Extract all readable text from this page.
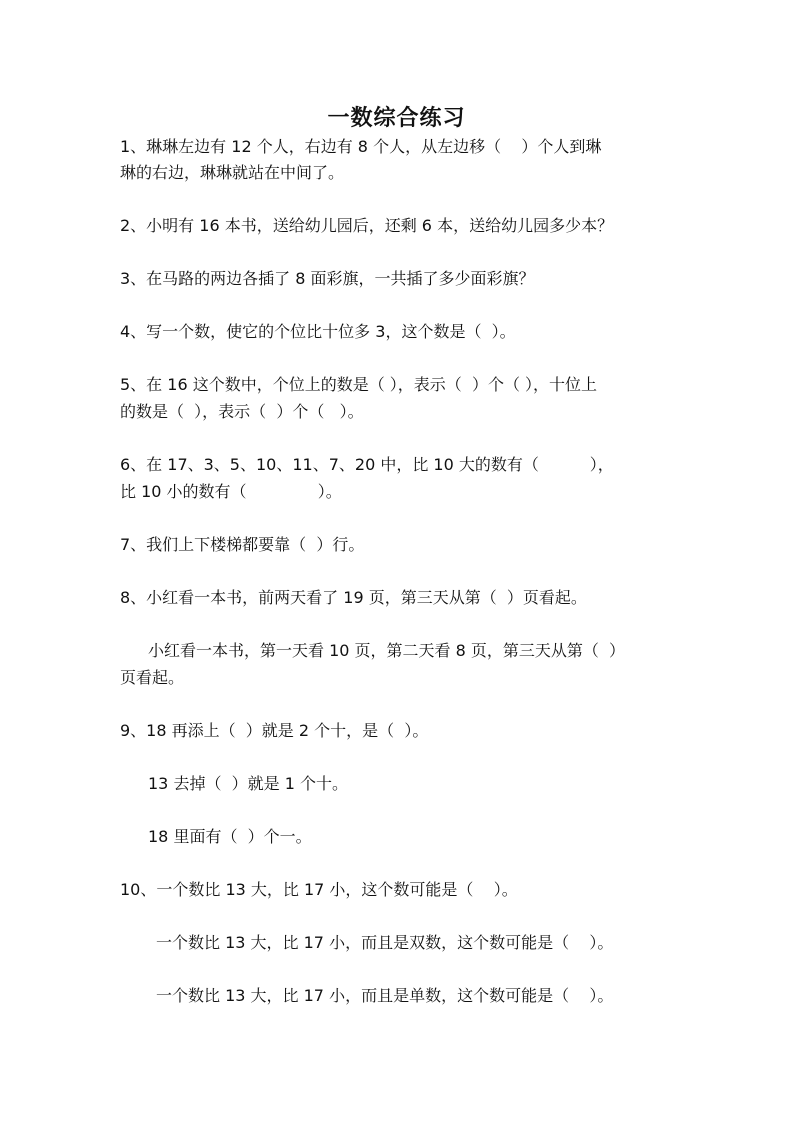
一数综合练习
1、琳琳左边有 12 个人，右边有 8 个人，从左边移（    ）个人到琳
琳的右边，琳琳就站在中间了。
2、小明有 16 本书，送给幼儿园后，还剩 6 本，送给幼儿园多少本？
3、在马路的两边各插了 8 面彩旗，一共插了多少面彩旗？
4、写一个数，使它的个位比十位多 3，这个数是（  ）。
5、在 16 这个数中，个位上的数是（ ），表示（  ）个（ ），十位上
的数是（  ），表示（  ）个（   ）。
6、在 17、3、5、10、11、7、20 中，比 10 大的数有（          ），
比 10 小的数有（              ）。
7、我们上下楼梯都要靠（  ）行。
8、小红看一本书，前两天看了 19 页，第三天从第（  ）页看起。
小红看一本书，第一天看 10 页，第二天看 8 页，第三天从第（  ）
页看起。
9、18 再添上（  ）就是 2 个十，是（  ）。
13 去掉（  ）就是 1 个十。
18 里面有（  ）个一。
10、一个数比 13 大，比 17 小，这个数可能是（    ）。
一个数比 13 大，比 17 小，而且是双数，这个数可能是（    ）。
一个数比 13 大，比 17 小，而且是单数，这个数可能是（    ）。
